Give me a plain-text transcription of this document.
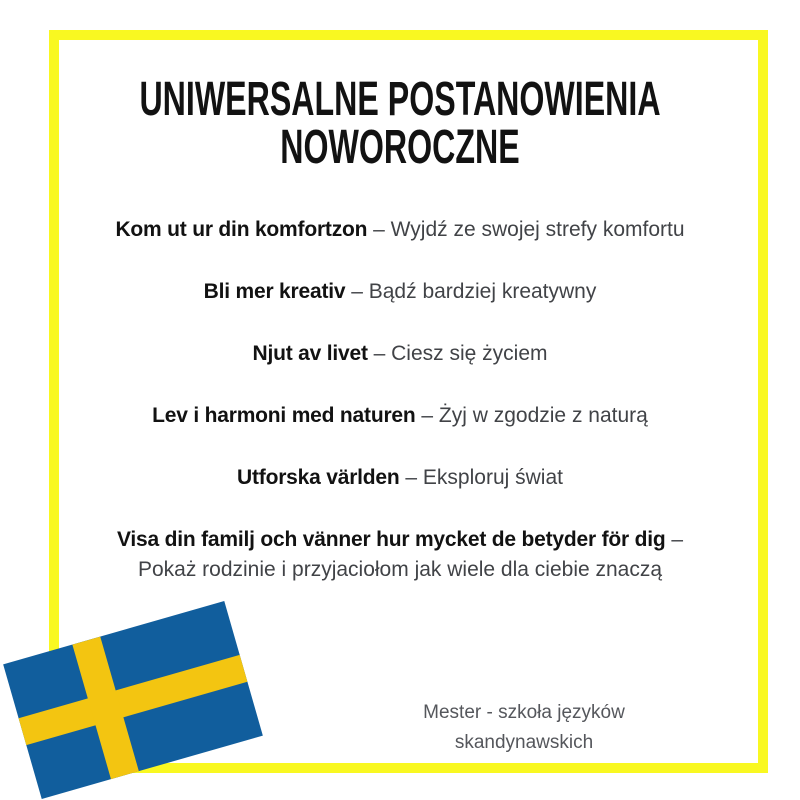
UNIWERSALNE POSTANOWIENIA NOWOROCZNE

Kom ut ur din komfortzon – Wyjdź ze swojej strefy komfortu

Bli mer kreativ – Bądź bardziej kreatywny

Njut av livet – Ciesz się życiem

Lev i harmoni med naturen – Żyj w zgodzie z naturą

Utforska världen – Eksploruj świat

Visa din familj och vänner hur mycket de betyder för dig –
Pokaż rodzinie i przyjaciołom jak wiele dla ciebie znaczą

Mester - szkoła języków
skandynawskich
